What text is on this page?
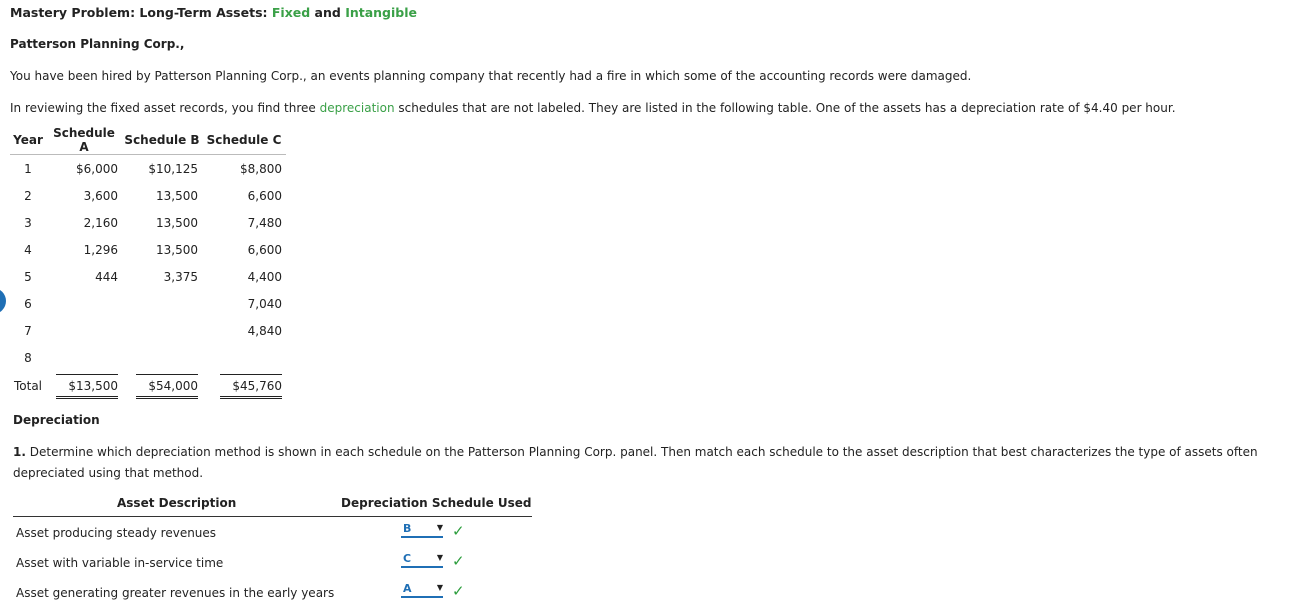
Mastery Problem: Long-Term Assets: Fixed and Intangible
Patterson Planning Corp.,
You have been hired by Patterson Planning Corp., an events planning company that recently had a fire in which some of the accounting records were damaged.
In reviewing the fixed asset records, you find three depreciation schedules that are not labeled. They are listed in the following table. One of the assets has a depreciation rate of $4.40 per hour.
Year	Schedule A	Schedule B	Schedule C
1	$6,000	$10,125	$8,800
2	3,600	13,500	6,600
3	2,160	13,500	7,480
4	1,296	13,500	6,600
5	444	3,375	4,400
6			7,040
7			4,840
8			
Total	$13,500	$54,000	$45,760
Depreciation
1. Determine which depreciation method is shown in each schedule on the Patterson Planning Corp. panel. Then match each schedule to the asset description that best characterizes the type of assets often
depreciated using that method.
Asset Description	Depreciation Schedule Used
Asset producing steady revenues	B	▼ ✓
Asset with variable in-service time	C	▼ ✓
Asset generating greater revenues in the early years	A	▼ ✓
